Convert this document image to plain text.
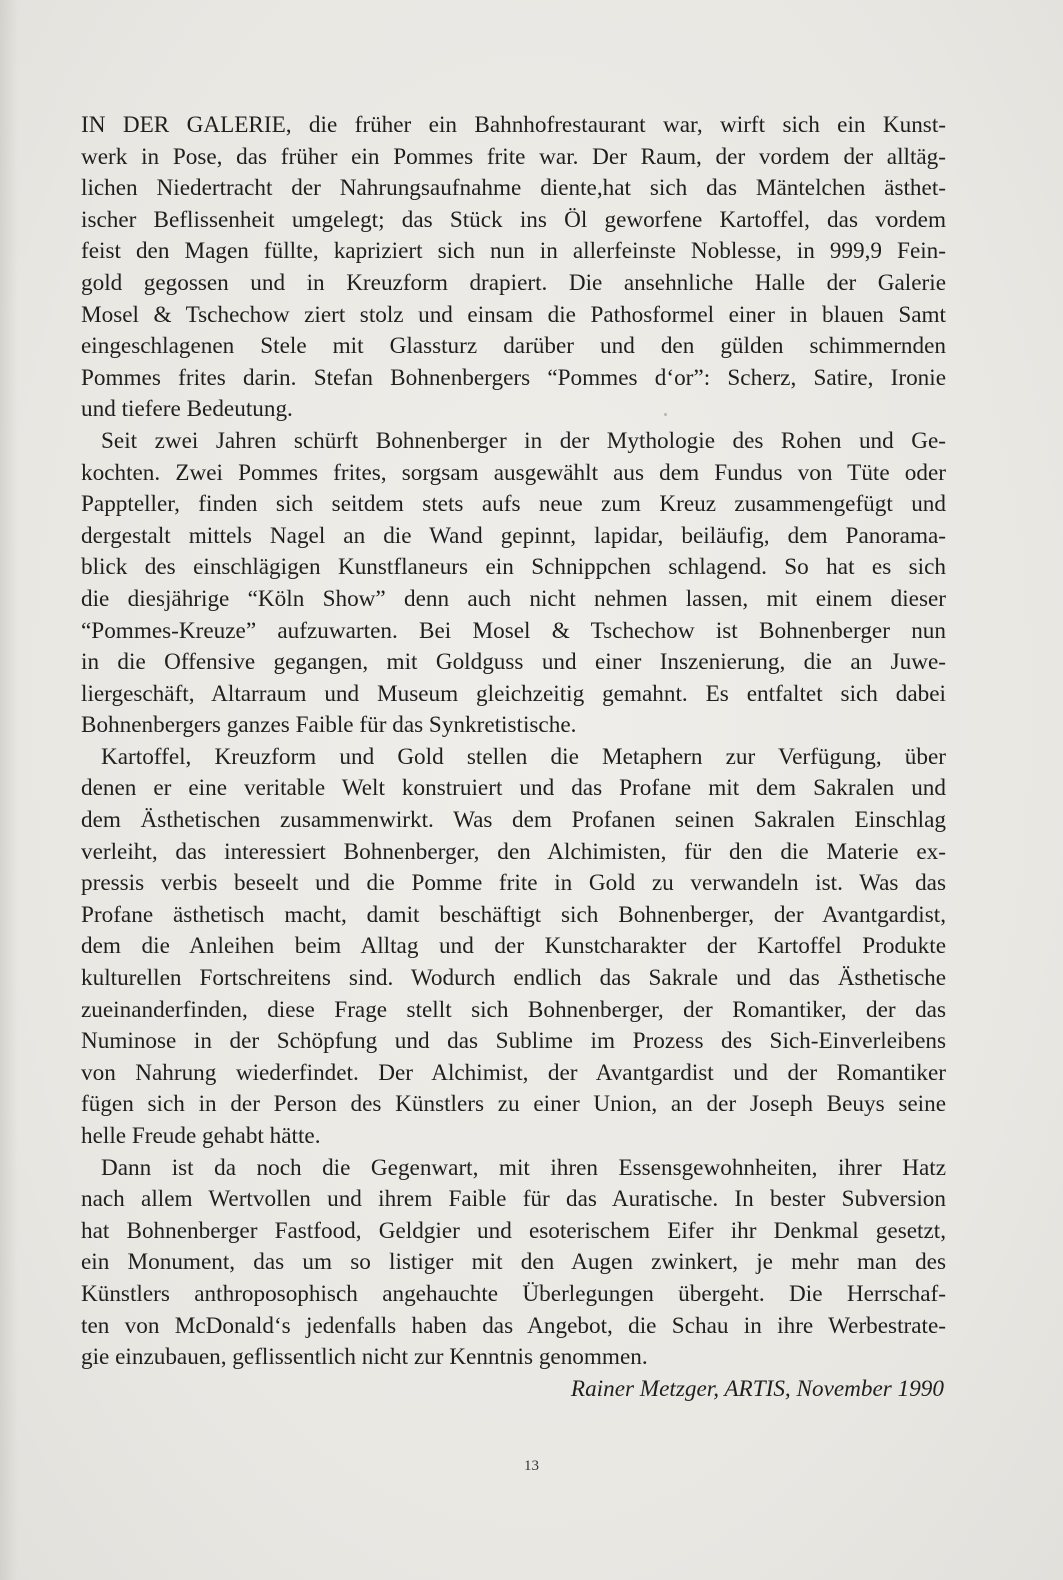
IN DER GALERIE, die früher ein Bahnhofrestaurant war, wirft sich ein Kunst-
werk in Pose, das früher ein Pommes frite war. Der Raum, der vordem der alltäg-
lichen Niedertracht der Nahrungsaufnahme diente,hat sich das Mäntelchen ästhet-
ischer Beflissenheit umgelegt; das Stück ins Öl geworfene Kartoffel, das vordem
feist den Magen füllte, kapriziert sich nun in allerfeinste Noblesse, in 999,9 Fein-
gold gegossen und in Kreuzform drapiert. Die ansehnliche Halle der Galerie
Mosel & Tschechow ziert stolz und einsam die Pathosformel einer in blauen Samt
eingeschlagenen Stele mit Glassturz darüber und den gülden schimmernden
Pommes frites darin. Stefan Bohnenbergers “Pommes d‘or”: Scherz, Satire, Ironie
und tiefere Bedeutung.

Seit zwei Jahren schürft Bohnenberger in der Mythologie des Rohen und Ge-
kochten. Zwei Pommes frites, sorgsam ausgewählt aus dem Fundus von Tüte oder
Pappteller, finden sich seitdem stets aufs neue zum Kreuz zusammengefügt und
dergestalt mittels Nagel an die Wand gepinnt, lapidar, beiläufig, dem Panorama-
blick des einschlägigen Kunstflaneurs ein Schnippchen schlagend. So hat es sich
die diesjährige “Köln Show” denn auch nicht nehmen lassen, mit einem dieser
“Pommes-Kreuze” aufzuwarten. Bei Mosel & Tschechow ist Bohnenberger nun
in die Offensive gegangen, mit Goldguss und einer Inszenierung, die an Juwe-
liergeschäft, Altarraum und Museum gleichzeitig gemahnt. Es entfaltet sich dabei
Bohnenbergers ganzes Faible für das Synkretistische.

Kartoffel, Kreuzform und Gold stellen die Metaphern zur Verfügung, über
denen er eine veritable Welt konstruiert und das Profane mit dem Sakralen und
dem Ästhetischen zusammenwirkt. Was dem Profanen seinen Sakralen Einschlag
verleiht, das interessiert Bohnenberger, den Alchimisten, für den die Materie ex-
pressis verbis beseelt und die Pomme frite in Gold zu verwandeln ist. Was das
Profane ästhetisch macht, damit beschäftigt sich Bohnenberger, der Avantgardist,
dem die Anleihen beim Alltag und der Kunstcharakter der Kartoffel Produkte
kulturellen Fortschreitens sind. Wodurch endlich das Sakrale und das Ästhetische
zueinanderfinden, diese Frage stellt sich Bohnenberger, der Romantiker, der das
Numinose in der Schöpfung und das Sublime im Prozess des Sich-Einverleibens
von Nahrung wiederfindet. Der Alchimist, der Avantgardist und der Romantiker
fügen sich in der Person des Künstlers zu einer Union, an der Joseph Beuys seine
helle Freude gehabt hätte.

Dann ist da noch die Gegenwart, mit ihren Essensgewohnheiten, ihrer Hatz
nach allem Wertvollen und ihrem Faible für das Auratische. In bester Subversion
hat Bohnenberger Fastfood, Geldgier und esoterischem Eifer ihr Denkmal gesetzt,
ein Monument, das um so listiger mit den Augen zwinkert, je mehr man des
Künstlers anthroposophisch angehauchte Überlegungen übergeht. Die Herrschaf-
ten von McDonald‘s jedenfalls haben das Angebot, die Schau in ihre Werbestrate-
gie einzubauen, geflissentlich nicht zur Kenntnis genommen.

Rainer Metzger, ARTIS, November 1990
13
